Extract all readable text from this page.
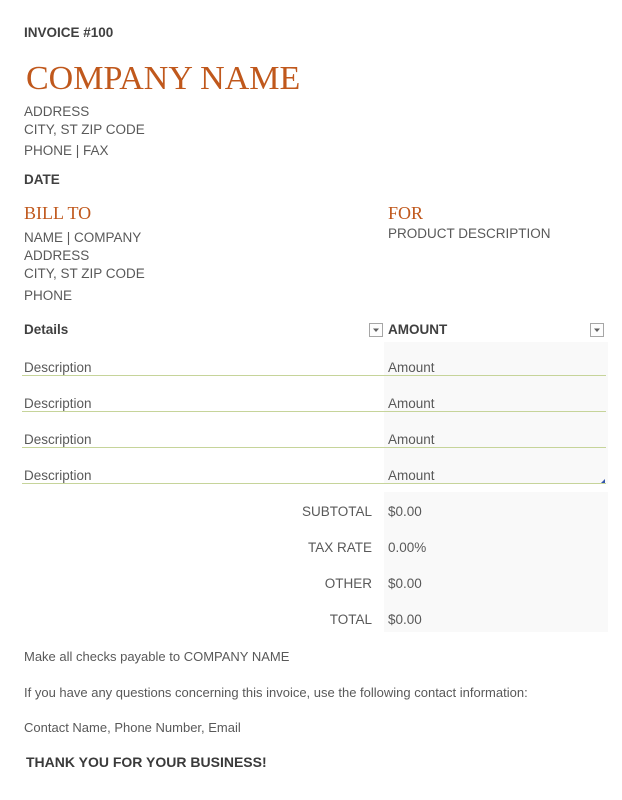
INVOICE #100
COMPANY NAME
ADDRESS
CITY, ST ZIP CODE
PHONE | FAX
DATE
BILL TO
NAME | COMPANY
ADDRESS
CITY, ST ZIP CODE
PHONE
FOR
PRODUCT DESCRIPTION
Details	AMOUNT
Description	Amount
Description	Amount
Description	Amount
Description	Amount
SUBTOTAL $0.00
TAX RATE 0.00%
OTHER $0.00
TOTAL $0.00
Make all checks payable to COMPANY NAME
If you have any questions concerning this invoice, use the following contact information:
Contact Name, Phone Number, Email
THANK YOU FOR YOUR BUSINESS!
